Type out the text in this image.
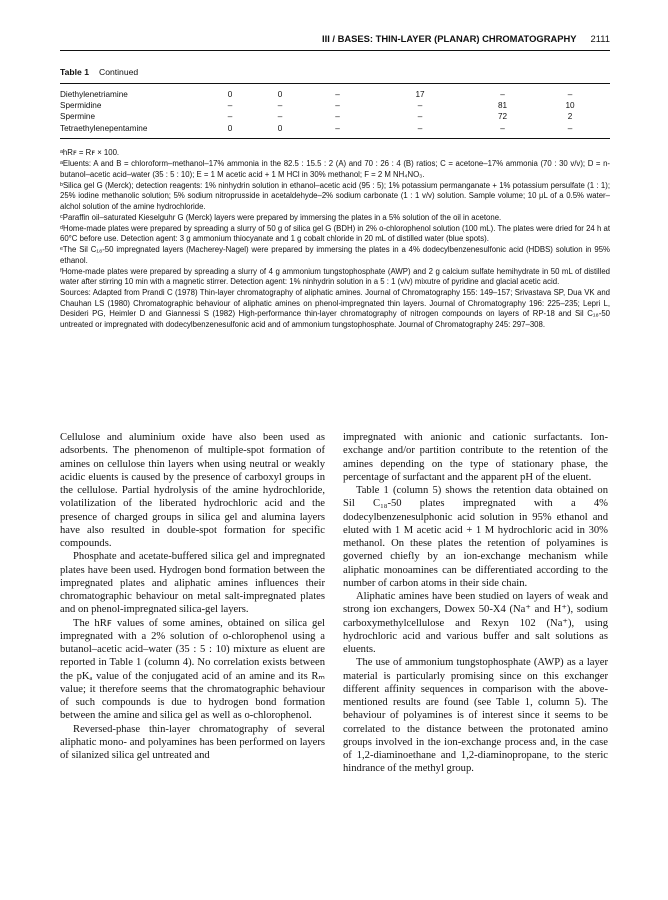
III / BASES: THIN-LAYER (PLANAR) CHROMATOGRAPHY 2111
Table 1 Continued
Diethylenetriamine	0	0	–	17	–	–
Spermidine	–	–	–	–	81	10
Spermine	–	–	–	–	72	2
Tetraethylenepentamine	0	0	–	–	–	–

ᵃhRꜰ = Rꜰ × 100.

ᵃEluents: A and B = chloroform–methanol–17% ammonia in the 82.5 : 15.5 : 2 (A) and 70 : 26 : 4 (B) ratios; C = acetone–17% ammonia (70 : 30 v/v); D = n-butanol–acetic acid–water (35 : 5 : 10); E = 1 M acetic acid + 1 M HCl in 30% methanol; F = 2 M NH₄NO₃.

ᵇSilica gel G (Merck); detection reagents: 1% ninhydrin solution in ethanol–acetic acid (95 : 5); 1% potassium permanganate + 1% potassium persulfate (1 : 1); 25% iodine methanolic solution; 5% sodium nitroprusside in acetaldehyde–2% sodium carbonate (1 : 1 v/v) solution. Sample volume; 10 μL of a 0.5% water–alchol solution of the amine hydrochloride.

ᶜParaffin oil–saturated Kieselguhr G (Merck) layers were prepared by immersing the plates in a 5% solution of the oil in acetone.

ᵈHome-made plates were prepared by spreading a slurry of 50 g of silica gel G (BDH) in 2% o-chlorophenol solution (100 mL). The plates were dried for 24 h at 60°C before use. Detection agent: 3 g ammonium thiocyanate and 1 g cobalt chloride in 20 mL of distilled water (blue spots).

ᵉThe Sil C₁₈-50 impregnated layers (Macherey-Nagel) were prepared by immersing the plates in a 4% dodecylbenzenesulfonic acid (HDBS) solution in 95% ethanol.

ᶠHome-made plates were prepared by spreading a slurry of 4 g ammonium tungstophosphate (AWP) and 2 g calcium sulfate hemihydrate in 50 mL of distilled water after stirring 10 min with a magnetic stirrer. Detection agent: 1% ninhydrin solution in a 5 : 1 (v/v) mixutre of pyridine and glacial acetic acid.

Sources: Adapted from Prandi C (1978) Thin-layer chromatography of aliphatic amines. Journal of Chromatography 155: 149–157; Srivastava SP, Dua VK and Chauhan LS (1980) Chromatographic behaviour of aliphatic amines on phenol-impregnated thin layers. Journal of Chromatography 196: 225–235; Lepri L, Desideri PG, Heimler D and Giannessi S (1982) High-performance thin-layer chromatography of nitrogen compounds on layers of RP-18 and Sil C₁₈-50 untreated or impregnated with dodecylbenzenesulfonic acid and of ammonium tungstophosphate. Journal of Chromatography 245: 297–308.

Cellulose and aluminium oxide have also been used as adsorbents. The phenomenon of multiple-spot formation of amines on cellulose thin layers when using neutral or weakly acidic eluents is caused by the presence of carboxyl groups in the cellulose. Partial hydrolysis of the amine hydrochloride, volatilization of the liberated hydrochloric acid and the presence of charged groups in silica gel and alumina layers have also resulted in double-spot formation for specific compounds.

Phosphate and acetate-buffered silica gel and impregnated plates have been used. Hydrogen bond formation between the impregnated plates and aliphatic amines influences their chromatographic behaviour on metal salt-impregnated plates and on phenol-impregnated silica-gel layers.

The hRꜰ values of some amines, obtained on silica gel impregnated with a 2% solution of o-chlorophenol using a butanol–acetic acid–water (35 : 5 : 10) mixture as eluent are reported in Table 1 (column 4). No correlation exists between the pKₐ value of the conjugated acid of an amine and its Rₘ value; it therefore seems that the chromatographic behaviour of such compounds is due to hydrogen bond formation between the amine and silica gel as well as o-chlorophenol.

Reversed-phase thin-layer chromatography of several aliphatic mono- and polyamines has been performed on layers of silanized silica gel untreated and

impregnated with anionic and cationic surfactants. Ion-exchange and/or partition contribute to the retention of the amines depending on the type of stationary phase, the percentage of surfactant and the apparent pH of the eluent.

Table 1 (column 5) shows the retention data obtained on Sil C₁₈-50 plates impregnated with a 4% dodecylbenzenesulphonic acid solution in 95% ethanol and eluted with 1 M acetic acid + 1 M hydrochloric acid in 30% methanol. On these plates the retention of polyamines is governed chiefly by an ion-exchange mechanism while aliphatic monoamines can be differentiated according to the number of carbon atoms in their side chain.

Aliphatic amines have been studied on layers of weak and strong ion exchangers, Dowex 50-X4 (Na⁺ and H⁺), sodium carboxymethylcellulose and Rexyn 102 (Na⁺), using hydrochloric acid and various buffer and salt solutions as eluents.

The use of ammonium tungstophosphate (AWP) as a layer material is particularly promising since on this exchanger different affinity sequences in comparison with the above-mentioned results are found (see Table 1, column 5). The behaviour of polyamines is of interest since it seems to be correlated to the distance between the protonated amino groups involved in the ion-exchange process and, in the case of 1,2-diaminoethane and 1,2-diaminopropane, to the steric hindrance of the methyl group.
